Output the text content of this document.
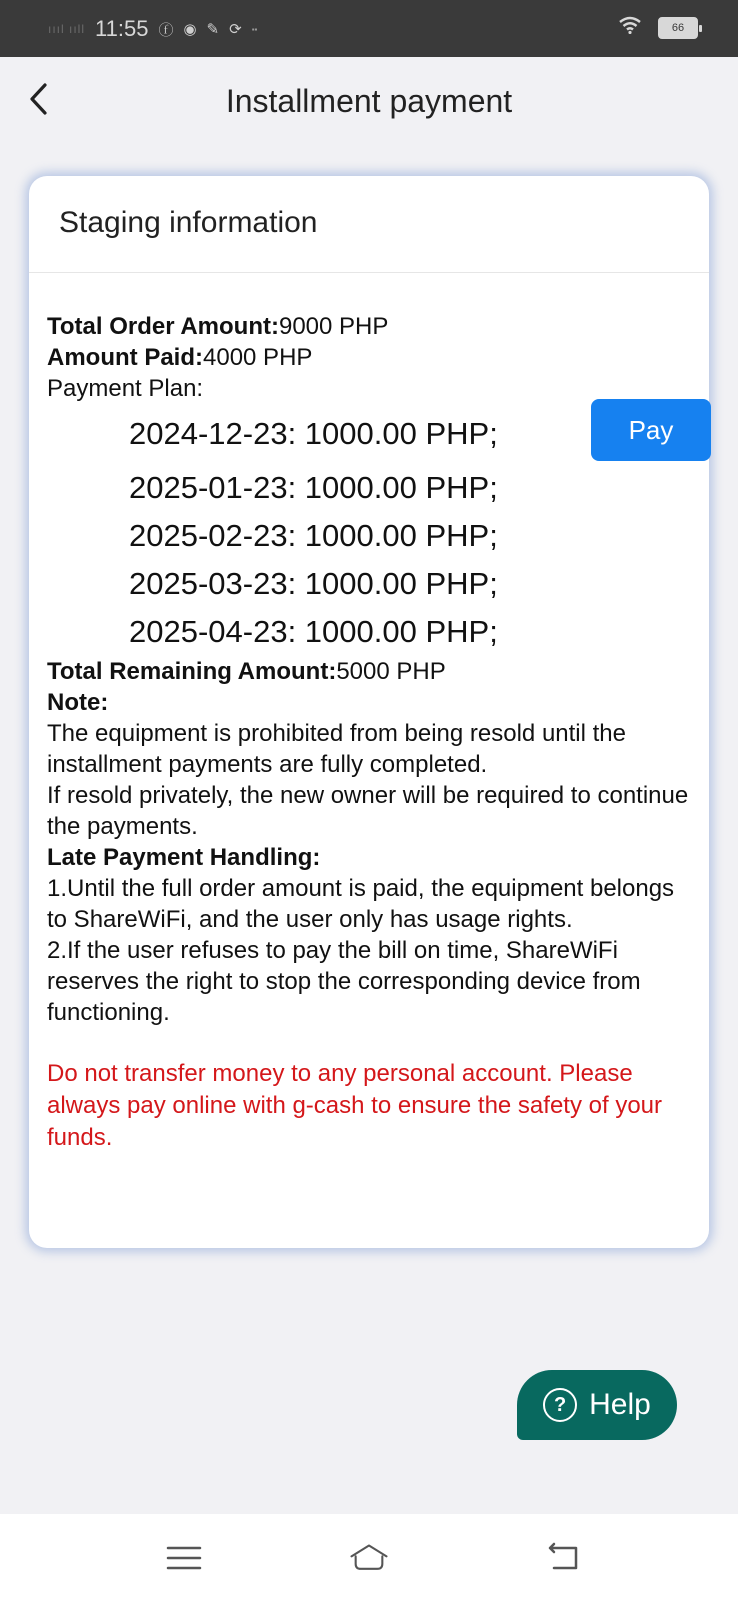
ıııl ııll 11:55 ⓕ ◉ ✎ ⟳ ▪▪	66
Installment payment
Staging information
Total Order Amount:9000 PHP
Amount Paid:4000 PHP
Payment Plan:
2024-12-23: 1000.00 PHP;	Pay
2025-01-23: 1000.00 PHP;
2025-02-23: 1000.00 PHP;
2025-03-23: 1000.00 PHP;
2025-04-23: 1000.00 PHP;
Total Remaining Amount:5000 PHP
Note:
The equipment is prohibited from being resold until the installment payments are fully completed.
If resold privately, the new owner will be required to continue the payments.
Late Payment Handling:
1.Until the full order amount is paid, the equipment belongs to ShareWiFi, and the user only has usage rights.
2.If the user refuses to pay the bill on time, ShareWiFi reserves the right to stop the corresponding device from functioning.
Do not transfer money to any personal account. Please always pay online with g-cash to ensure the safety of your funds.
? Help
